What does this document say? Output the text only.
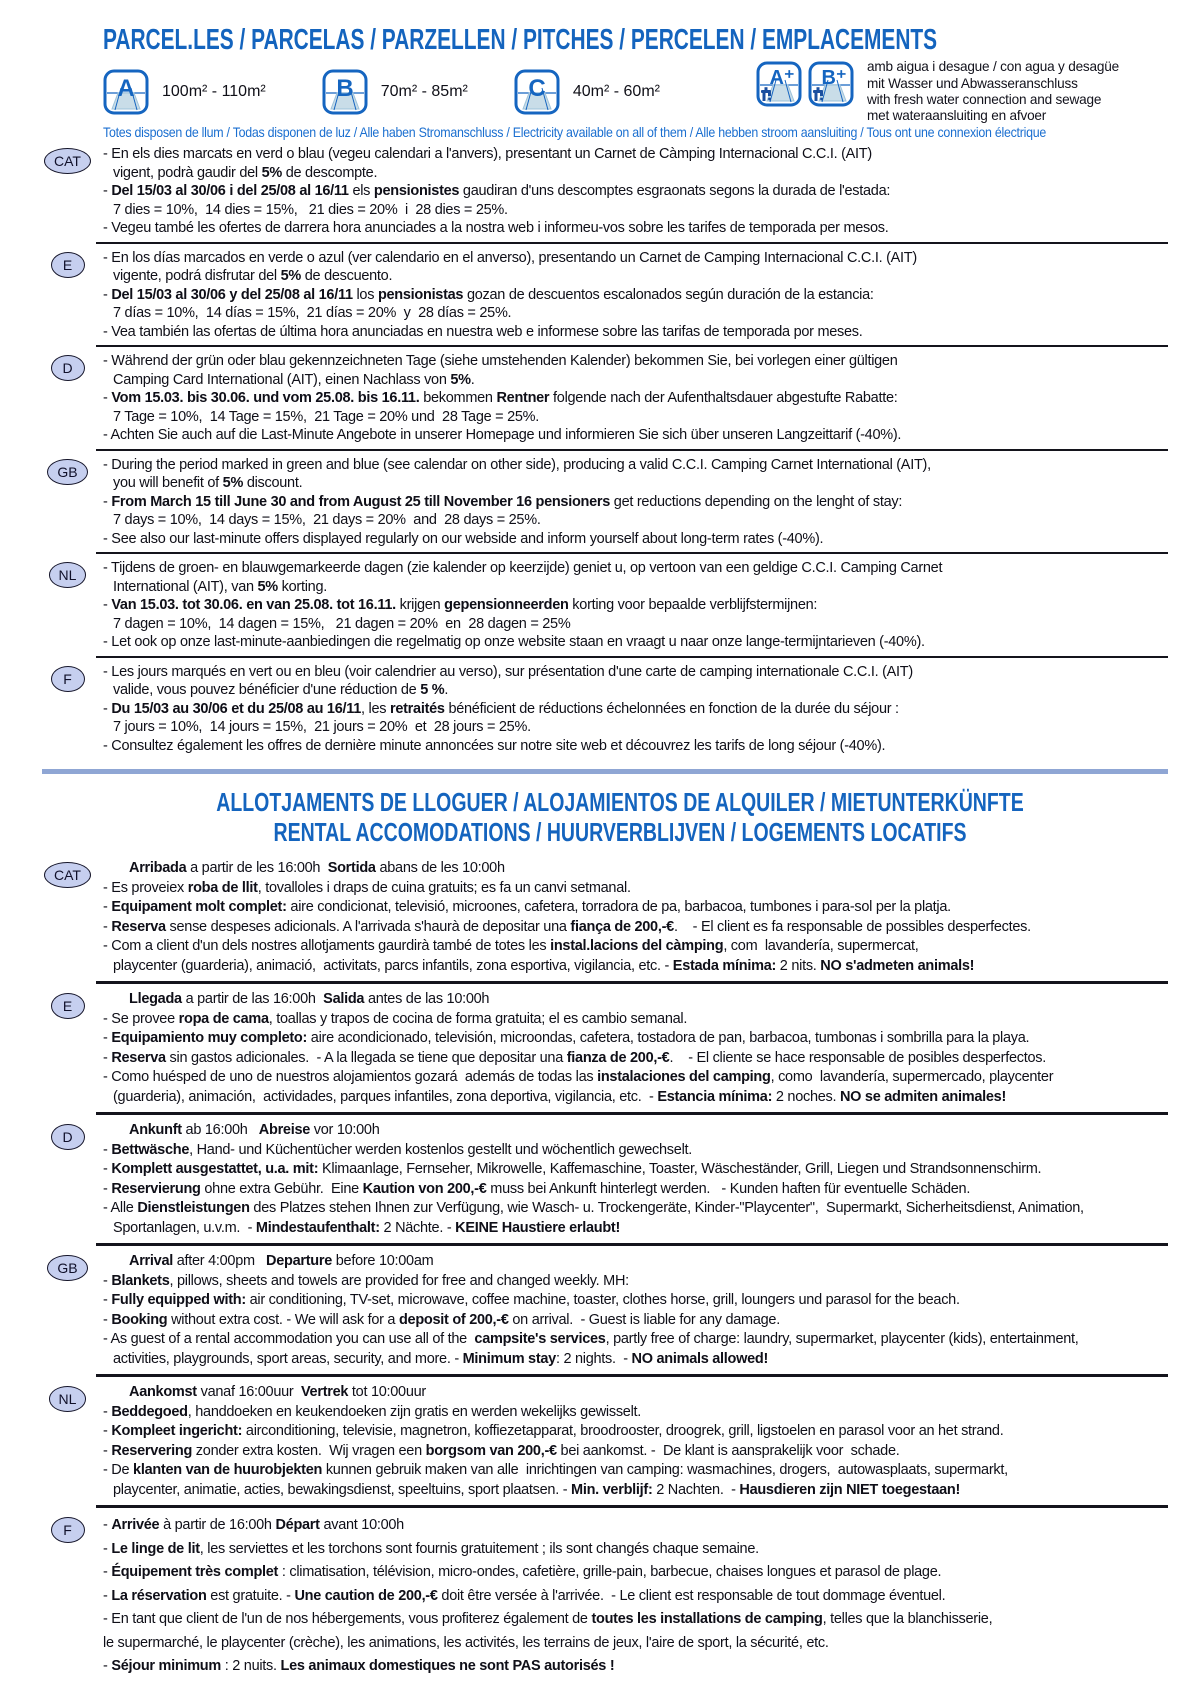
PARCEL.LES / PARCELAS / PARZELLEN / PITCHES / PERCELEN / EMPLACEMENTS
A 100m² - 110m²	B 70m² - 85m²	C 40m² - 60m²
A⁺ B⁺
amb aigua i desague / con agua y desagüe
mit Wasser und Abwasseranschluss
with fresh water connection and sewage
met wateraansluiting en afvoer
Totes disposen de llum / Todas disponen de luz / Alle haben Stromanschluss / Electricity available on all of them / Alle hebben stroom aansluiting / Tous ont une connexion électrique
CAT	- En els dies marcats en verd o blau (vegeu calendari a l'anvers), presentant un Carnet de Càmping Internacional C.C.I. (AIT)
vigent, podrà gaudir del 5% de descompte.
- Del 15/03 al 30/06 i del 25/08 al 16/11 els pensionistes gaudiran d'uns descomptes esgraonats segons la durada de l'estada:
7 dies = 10%,  14 dies = 15%,   21 dies = 20%  i  28 dies = 25%.
- Vegeu també les ofertes de darrera hora anunciades a la nostra web i informeu-vos sobre les tarifes de temporada per mesos.
E	- En los días marcados en verde o azul (ver calendario en el anverso), presentando un Carnet de Camping Internacional C.C.I. (AIT)
vigente, podrá disfrutar del 5% de descuento.
- Del 15/03 al 30/06 y del 25/08 al 16/11 los pensionistas gozan de descuentos escalonados según duración de la estancia:
7 días = 10%,  14 días = 15%,  21 días = 20%  y  28 días = 25%.
- Vea también las ofertas de última hora anunciadas en nuestra web e informese sobre las tarifas de temporada por meses.
D	- Während der grün oder blau gekennzeichneten Tage (siehe umstehenden Kalender) bekommen Sie, bei vorlegen einer gültigen
Camping Card International (AIT), einen Nachlass von 5%.
- Vom 15.03. bis 30.06. und vom 25.08. bis 16.11. bekommen Rentner folgende nach der Aufenthaltsdauer abgestufte Rabatte:
7 Tage = 10%,  14 Tage = 15%,  21 Tage = 20% und  28 Tage = 25%.
- Achten Sie auch auf die Last-Minute Angebote in unserer Homepage und informieren Sie sich über unseren Langzeittarif (-40%).
GB	- During the period marked in green and blue (see calendar on other side), producing a valid C.C.I. Camping Carnet International (AIT),
you will benefit of 5% discount.
- From March 15 till June 30 and from August 25 till November 16 pensioners get reductions depending on the lenght of stay:
7 days = 10%,  14 days = 15%,  21 days = 20%  and  28 days = 25%.
- See also our last-minute offers displayed regularly on our webside and inform yourself about long-term rates (-40%).
NL	- Tijdens de groen- en blauwgemarkeerde dagen (zie kalender op keerzijde) geniet u, op vertoon van een geldige C.C.I. Camping Carnet
International (AIT), van 5% korting.
- Van 15.03. tot 30.06. en van 25.08. tot 16.11. krijgen gepensionneerden korting voor bepaalde verblijfstermijnen:
7 dagen = 10%,  14 dagen = 15%,   21 dagen = 20%  en  28 dagen = 25%
- Let ook op onze last-minute-aanbiedingen die regelmatig op onze website staan en vraagt u naar onze lange-termijntarieven (-40%).
F	- Les jours marqués en vert ou en bleu (voir calendrier au verso), sur présentation d'une carte de camping internationale C.C.I. (AIT)
valide, vous pouvez bénéficier d'une réduction de 5 %.
- Du 15/03 au 30/06 et du 25/08 au 16/11, les retraités bénéficient de réductions échelonnées en fonction de la durée du séjour :
7 jours = 10%,  14 jours = 15%,  21 jours = 20%  et  28 jours = 25%.
- Consultez également les offres de dernière minute annoncées sur notre site web et découvrez les tarifs de long séjour (-40%).
ALLOTJAMENTS DE LLOGUER / ALOJAMIENTOS DE ALQUILER / MIETUNTERKÜNFTE
RENTAL ACCOMODATIONS / HUURVERBLIJVEN / LOGEMENTS LOCATIFS
CAT	Arribada a partir de les 16:00h  Sortida abans de les 10:00h
- Es proveiex roba de llit, tovalloles i draps de cuina gratuits; es fa un canvi setmanal.
- Equipament molt complet: aire condicionat, televisió, microones, cafetera, torradora de pa, barbacoa, tumbones i para-sol per la platja.
- Reserva sense despeses adicionals. A l'arrivada s'haurà de depositar una fiança de 200,-€.    - El client es fa responsable de possibles desperfectes.
- Com a client d'un dels nostres allotjaments gaurdirà també de totes les instal.lacions del càmping, com  lavandería, supermercat,
playcenter (guarderia), animació,  activitats, parcs infantils, zona esportiva, vigilancia, etc. - Estada mínima: 2 nits. NO s'admeten animals!
E	Llegada a partir de las 16:00h  Salida antes de las 10:00h
- Se provee ropa de cama, toallas y trapos de cocina de forma gratuita; el es cambio semanal.
- Equipamiento muy completo: aire acondicionado, televisión, microondas, cafetera, tostadora de pan, barbacoa, tumbonas i sombrilla para la playa.
- Reserva sin gastos adicionales.  - A la llegada se tiene que depositar una fianza de 200,-€.    - El cliente se hace responsable de posibles desperfectos.
- Como huésped de uno de nuestros alojamientos gozará  además de todas las instalaciones del camping, como  lavandería, supermercado, playcenter
(guarderia), animación,  actividades, parques infantiles, zona deportiva, vigilancia, etc.  - Estancia mínima: 2 noches. NO se admiten animales!
D	Ankunft ab 16:00h   Abreise vor 10:00h
- Bettwäsche, Hand- und Küchentücher werden kostenlos gestellt und wöchentlich gewechselt.
- Komplett ausgestattet, u.a. mit: Klimaanlage, Fernseher, Mikrowelle, Kaffemaschine, Toaster, Wäscheständer, Grill, Liegen und Strandsonnenschirm.
- Reservierung ohne extra Gebühr.  Eine Kaution von 200,-€ muss bei Ankunft hinterlegt werden.   - Kunden haften für eventuelle Schäden.
- Alle Dienstleistungen des Platzes stehen Ihnen zur Verfügung, wie Wasch- u. Trockengeräte, Kinder-"Playcenter",  Supermarkt, Sicherheitsdienst, Animation,
Sportanlagen, u.v.m.  - Mindestaufenthalt: 2 Nächte. - KEINE Haustiere erlaubt!
GB	Arrival after 4:00pm   Departure before 10:00am
- Blankets, pillows, sheets and towels are provided for free and changed weekly. MH:
- Fully equipped with: air conditioning, TV-set, microwave, coffee machine, toaster, clothes horse, grill, loungers und parasol for the beach.
- Booking without extra cost. - We will ask for a deposit of 200,-€ on arrival.  - Guest is liable for any damage.
- As guest of a rental accommodation you can use all of the  campsite's services, partly free of charge: laundry, supermarket, playcenter (kids), entertainment,
activities, playgrounds, sport areas, security, and more. - Minimum stay: 2 nights.  - NO animals allowed!
NL	Aankomst vanaf 16:00uur  Vertrek tot 10:00uur
- Beddegoed, handdoeken en keukendoeken zijn gratis en werden wekelijks gewisselt.
- Kompleet ingericht: airconditioning, televisie, magnetron, koffiezetapparat, broodrooster, droogrek, grill, ligstoelen en parasol voor an het strand.
- Reservering zonder extra kosten.  Wij vragen een borgsom van 200,-€ bei aankomst. -  De klant is aansprakelijk voor  schade.
- De klanten van de huurobjekten kunnen gebruik maken van alle  inrichtingen van camping: wasmachines, drogers,  autowasplaats, supermarkt,
playcenter, animatie, acties, bewakingsdienst, speeltuins, sport plaatsen. - Min. verblijf: 2 Nachten.  - Hausdieren zijn NIET toegestaan!
F	- Arrivée à partir de 16:00h Départ avant 10:00h
- Le linge de lit, les serviettes et les torchons sont fournis gratuitement ; ils sont changés chaque semaine.
- Équipement très complet : climatisation, télévision, micro-ondes, cafetière, grille-pain, barbecue, chaises longues et parasol de plage.
- La réservation est gratuite. - Une caution de 200,-€ doit être versée à l'arrivée.  - Le client est responsable de tout dommage éventuel.
- En tant que client de l'un de nos hébergements, vous profiterez également de toutes les installations de camping, telles que la blanchisserie,
le supermarché, le playcenter (crèche), les animations, les activités, les terrains de jeux, l'aire de sport, la sécurité, etc.
- Séjour minimum : 2 nuits. Les animaux domestiques ne sont PAS autorisés !
